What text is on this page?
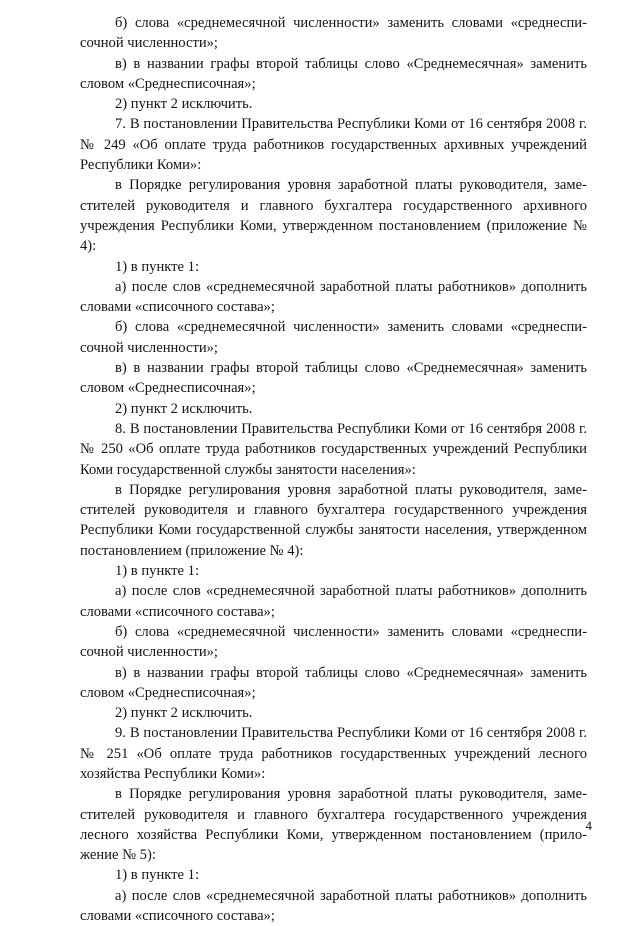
б) слова «среднемесячной численности» заменить словами «среднесписочной численности»;

в) в названии графы второй таблицы слово «Среднемесячная» заменить словом «Среднесписочная»;

2) пункт 2 исключить.

7. В постановлении Правительства Республики Коми от 16 сентября 2008 г. № 249 «Об оплате труда работников государственных архивных учреждений Республики Коми»:

в Порядке регулирования уровня заработной платы руководителя, заместителей руководителя и главного бухгалтера государственного архивного учреждения Республики Коми, утвержденном постановлением (приложение № 4):

1) в пункте 1:

а) после слов «среднемесячной заработной платы работников» дополнить словами «списочного состава»;

б) слова «среднемесячной численности» заменить словами «среднесписочной численности»;

в) в названии графы второй таблицы слово «Среднемесячная» заменить словом «Среднесписочная»;

2) пункт 2 исключить.

8. В постановлении Правительства Республики Коми от 16 сентября 2008 г. № 250 «Об оплате труда работников государственных учреждений Республики Коми государственной службы занятости населения»:

в Порядке регулирования уровня заработной платы руководителя, заместителей руководителя и главного бухгалтера государственного учреждения Республики Коми государственной службы занятости населения, утвержденном постановлением (приложение № 4):

1) в пункте 1:

а) после слов «среднемесячной заработной платы работников» дополнить словами «списочного состава»;

б) слова «среднемесячной численности» заменить словами «среднесписочной численности»;

в) в названии графы второй таблицы слово «Среднемесячная» заменить словом «Среднесписочная»;

2) пункт 2 исключить.

9. В постановлении Правительства Республики Коми от 16 сентября 2008 г. № 251 «Об оплате труда работников государственных учреждений лесного хозяйства Республики Коми»:

в Порядке регулирования уровня заработной платы руководителя, заместителей руководителя и главного бухгалтера государственного учреждения лесного хозяйства Республики Коми, утвержденном постановлением (приложение № 5):

1) в пункте 1:

а) после слов «среднемесячной заработной платы работников» дополнить словами «списочного состава»;

4
